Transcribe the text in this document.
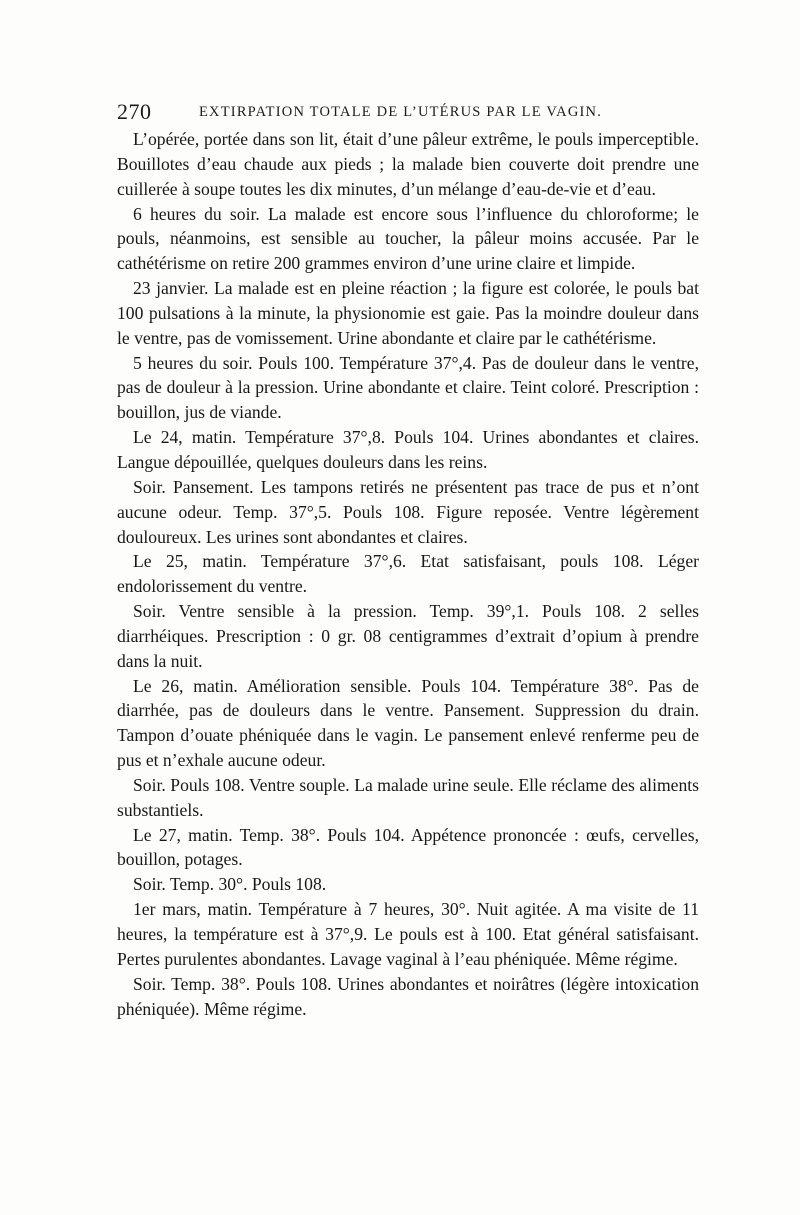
270	EXTIRPATION TOTALE DE L’UTÉRUS PAR LE VAGIN.

L’opérée, portée dans son lit, était d’une pâleur extrême, le pouls imperceptible. Bouillotes d’eau chaude aux pieds ; la malade bien couverte doit prendre une cuillerée à soupe toutes les dix minutes, d’un mélange d’eau-de-vie et d’eau.

6 heures du soir. La malade est encore sous l’influence du chloroforme; le pouls, néanmoins, est sensible au toucher, la pâleur moins accusée. Par le cathétérisme on retire 200 grammes environ d’une urine claire et limpide.

23 janvier. La malade est en pleine réaction ; la figure est colorée, le pouls bat 100 pulsations à la minute, la physionomie est gaie. Pas la moindre douleur dans le ventre, pas de vomissement. Urine abondante et claire par le cathétérisme.

5 heures du soir. Pouls 100. Température 37°,4. Pas de douleur dans le ventre, pas de douleur à la pression. Urine abondante et claire. Teint coloré. Prescription : bouillon, jus de viande.

Le 24, matin. Température 37°,8. Pouls 104. Urines abondantes et claires. Langue dépouillée, quelques douleurs dans les reins.

Soir. Pansement. Les tampons retirés ne présentent pas trace de pus et n’ont aucune odeur. Temp. 37°,5. Pouls 108. Figure reposée. Ventre légèrement douloureux. Les urines sont abondantes et claires.

Le 25, matin. Température 37°,6. Etat satisfaisant, pouls 108. Léger endolorissement du ventre.

Soir. Ventre sensible à la pression. Temp. 39°,1. Pouls 108. 2 selles diarrhéiques. Prescription : 0 gr. 08 centigrammes d’extrait d’opium à prendre dans la nuit.

Le 26, matin. Amélioration sensible. Pouls 104. Température 38°. Pas de diarrhée, pas de douleurs dans le ventre. Pansement. Suppression du drain. Tampon d’ouate phéniquée dans le vagin. Le pansement enlevé renferme peu de pus et n’exhale aucune odeur.

Soir. Pouls 108. Ventre souple. La malade urine seule. Elle réclame des aliments substantiels.

Le 27, matin. Temp. 38°. Pouls 104. Appétence prononcée : œufs, cervelles, bouillon, potages.

Soir. Temp. 30°. Pouls 108.

1er mars, matin. Température à 7 heures, 30°. Nuit agitée. A ma visite de 11 heures, la température est à 37°,9. Le pouls est à 100. Etat général satisfaisant. Pertes purulentes abondantes. Lavage vaginal à l’eau phéniquée. Même régime.

Soir. Temp. 38°. Pouls 108. Urines abondantes et noirâtres (légère intoxication phéniquée). Même régime.
